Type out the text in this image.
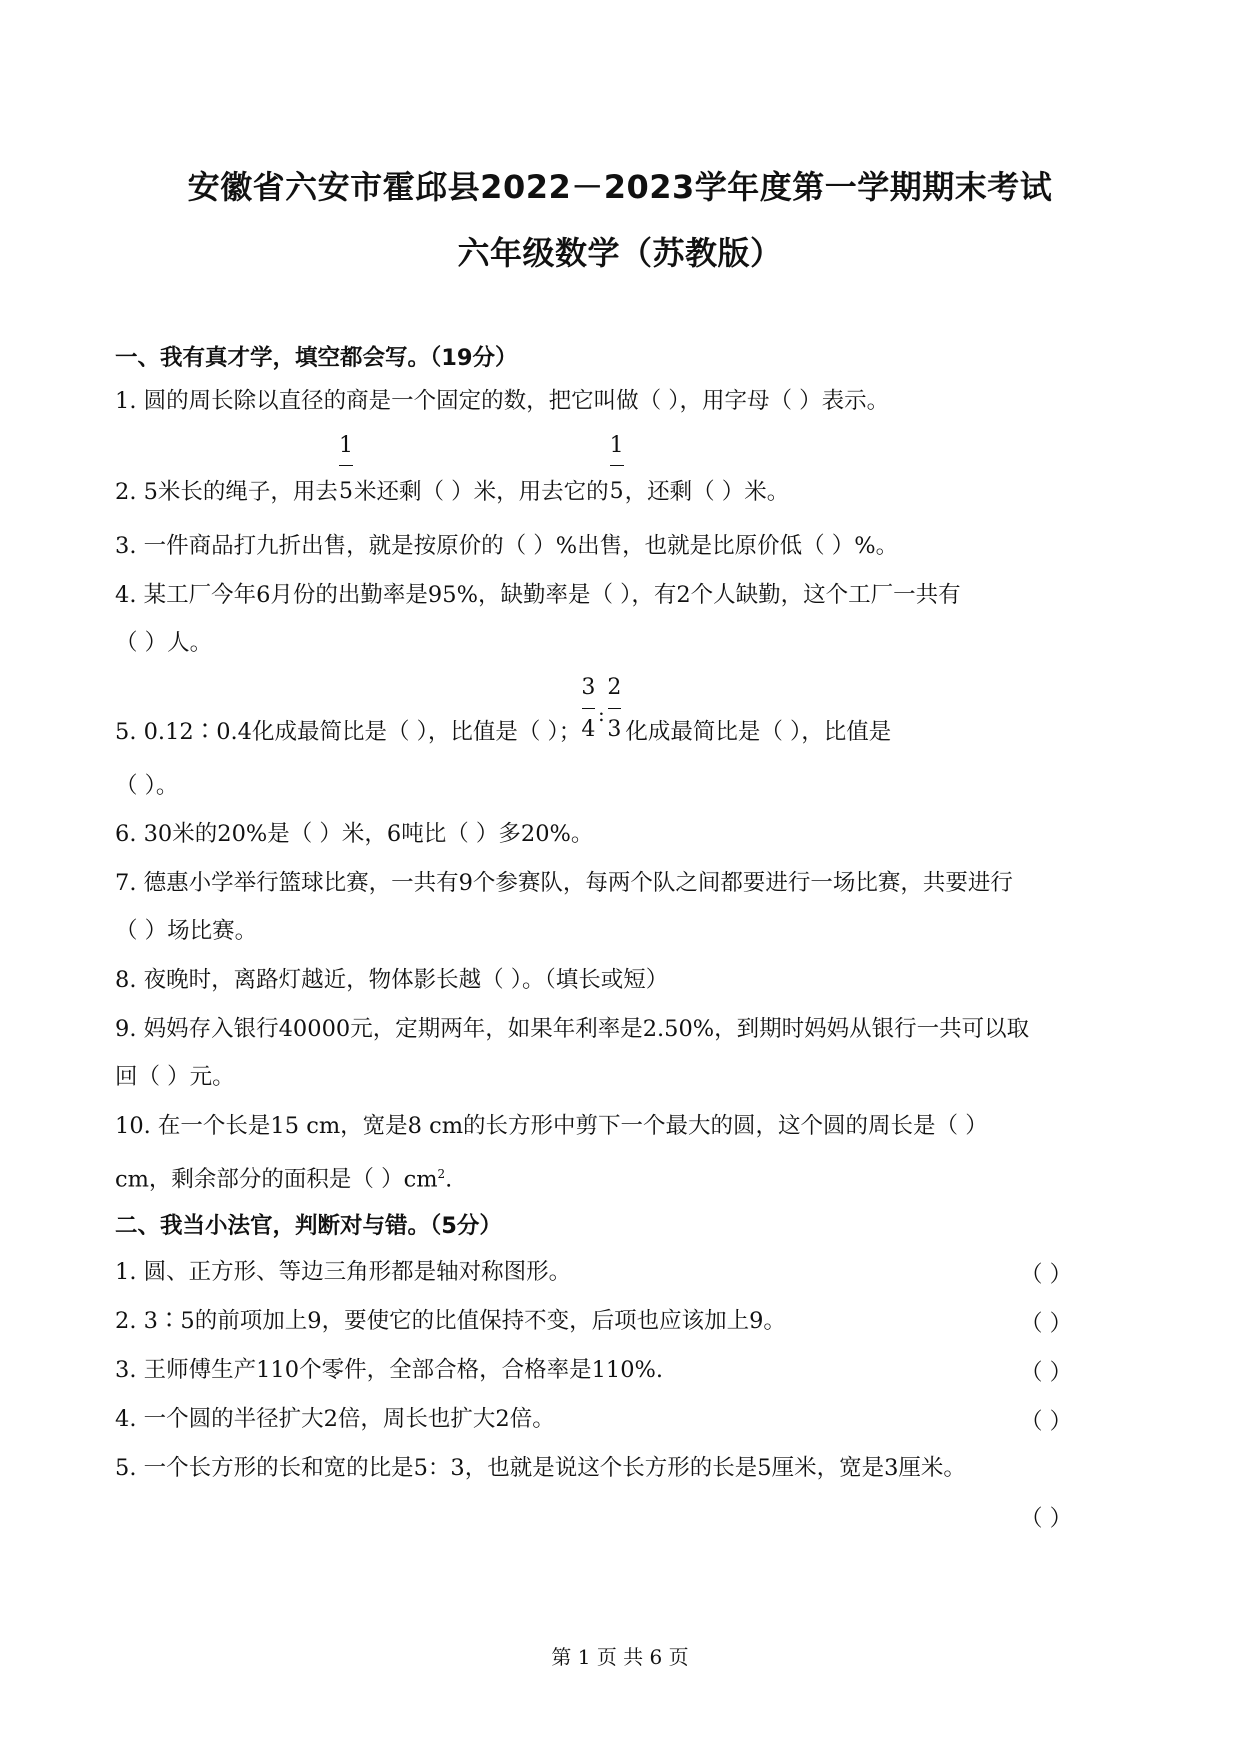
安徽省六安市霍邱县2022－2023学年度第一学期期末考试
六年级数学（苏教版）
一、我有真才学，填空都会写。（19分）
1. 圆的周长除以直径的商是一个固定的数，把它叫做（ ），用字母（ ）表示。
2. 5米长的绳子，用去 $\frac{1}{5}$ 米还剩（ ）米，用去它的 $\frac{1}{5}$ ，还剩（ ）米。
3. 一件商品打九折出售，就是按原价的（ ）%出售，也就是比原价低（ ）%。
4. 某工厂今年6月份的出勤率是95%，缺勤率是（ ），有2个人缺勤，这个工厂一共有
（ ）人。
5. 0.12∶0.4化成最简比是（ ），比值是（ ）；
3
4
:
2
3 化成最简比是（ ），比值是
（ ）。
6. 30米的20%是（ ）米，6吨比（ ）多20%。
7. 德惠小学举行篮球比赛，一共有9个参赛队，每两个队之间都要进行一场比赛，共要进行
（ ）场比赛。
8. 夜晚时，离路灯越近，物体影长越（ ）。（填长或短）
9. 妈妈存入银行40000元，定期两年，如果年利率是2.50%，到期时妈妈从银行一共可以取
回（ ）元。
10. 在一个长是15 cm，宽是8 cm的长方形中剪下一个最大的圆，这个圆的周长是（ ）
cm，剩余部分的面积是（ ）$cm^2$.
二、我当小法官，判断对与错。（5分）
1. 圆、正方形、等边三角形都是轴对称图形。	（ ）
2. 3∶5的前项加上9，要使它的比值保持不变，后项也应该加上9。	（ ）
3. 王师傅生产110个零件，全部合格，合格率是110%.	（ ）
4. 一个圆的半径扩大2倍，周长也扩大2倍。	（ ）
5. 一个长方形的长和宽的比是5：3，也就是说这个长方形的长是5厘米，宽是3厘米。
（ ）
第 1 页 共 6 页
